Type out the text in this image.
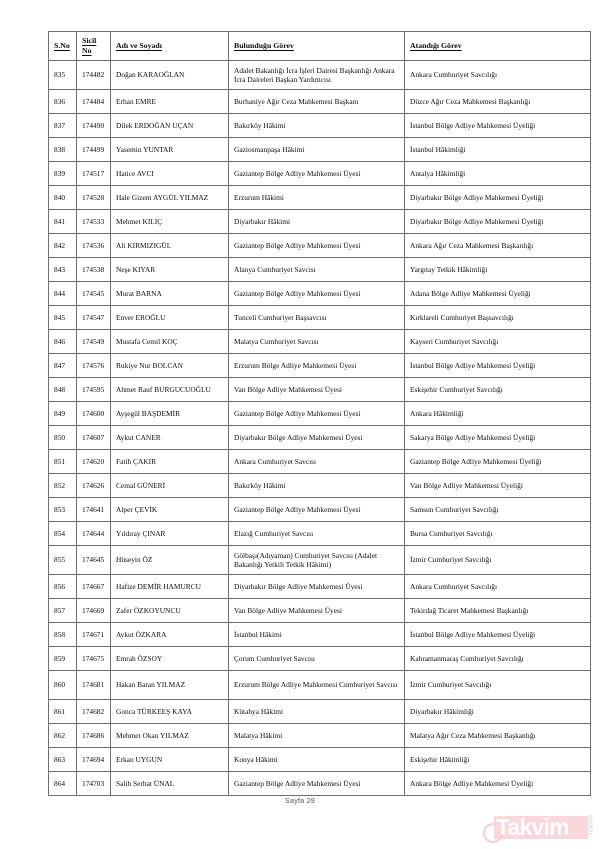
S.No	Sicil No	Adı ve Soyadı	Bulunduğu Görev	Atandığı Görev
835	174482	Doğan KARAOĞLAN	Adalet Bakanlığı İcra İşleri Dairesi Başkanlığı Ankara İcra Daireleri Başkan Yardımcısı	Ankara Cumhuriyet Savcılığı
836	174484	Erhan EMRE	Burhaniye Ağır Ceza Mahkemesi Başkanı	Düzce Ağır Ceza Mahkemesi Başkanlığı
837	174490	Dilek ERDOĞAN UÇAN	Bakırköy Hâkimi	İstanbul Bölge Adliye Mahkemesi Üyeliği
838	174499	Yasemin YUNTAR	Gaziosmanpaşa Hâkimi	İstanbul Hâkimliği
839	174517	Hatice AVCI	Gaziantep Bölge Adliye Mahkemesi Üyesi	Antalya Hâkimliği
840	174528	Hale Gizem AYGÜL YILMAZ	Erzurum Hâkimi	Diyarbakır Bölge Adliye Mahkemesi Üyeliği
841	174533	Mehmet KILIÇ	Diyarbakır Hâkimi	Diyarbakır Bölge Adliye Mahkemesi Üyeliği
842	174536	Ali KIRMIZIGÜL	Gaziantep Bölge Adliye Mahkemesi Üyesi	Ankara Ağır Ceza Mahkemesi Başkanlığı
843	174538	Neşe KIYAR	Alanya Cumhuriyet Savcısı	Yargıtay Tetkik Hâkimliği
844	174545	Murat BARNA	Gaziantep Bölge Adliye Mahkemesi Üyesi	Adana Bölge Adliye Mahkemesi Üyeliği
845	174547	Enver EROĞLU	Tunceli Cumhuriyet Başsavcısı	Kırklareli Cumhuriyet Başsavcılığı
846	174549	Mustafa Cemil KOÇ	Malatya Cumhuriyet Savcısı	Kayseri Cumhuriyet Savcılığı
847	174576	Rukiye Nur BOLCAN	Erzurum Bölge Adliye Mahkemesi Üyesi	İstanbul Bölge Adliye Mahkemesi Üyeliği
848	174595	Ahmet Rauf BURGUCUOĞLU	Van Bölge Adliye Mahkemesi Üyesi	Eskişehir Cumhuriyet Savcılığı
849	174600	Ayşegül BAŞDEMİR	Gaziantep Bölge Adliye Mahkemesi Üyesi	Ankara Hâkimliği
850	174607	Aykut CANER	Diyarbakır Bölge Adliye Mahkemesi Üyesi	Sakarya Bölge Adliye Mahkemesi Üyeliği
851	174620	Fatih ÇAKIR	Ankara Cumhuriyet Savcısı	Gaziantep Bölge Adliye Mahkemesi Üyeliği
852	174626	Cemal GÜNERİ	Bakırköy Hâkimi	Van Bölge Adliye Mahkemesi Üyeliği
853	174641	Alper ÇEVİK	Gaziantep Bölge Adliye Mahkemesi Üyesi	Samsun Cumhuriyet Savcılığı
854	174644	Yıldıray ÇINAR	Elazığ Cumhuriyet Savcısı	Bursa Cumhuriyet Savcılığı
855	174645	Hüseyin ÖZ	Gölbaşı(Adıyaman) Cumhuriyet Savcısı (Adalet Bakanlığı Yetkili Tetkik Hâkimi)	İzmir Cumhuriyet Savcılığı
856	174667	Hafize DEMİR HAMURCU	Diyarbakır Bölge Adliye Mahkemesi Üyesi	Ankara Cumhuriyet Savcılığı
857	174669	Zafer ÖZKOYUNCU	Van Bölge Adliye Mahkemesi Üyesi	Tekirdağ Ticaret Mahkemesi Başkanlığı
858	174671	Aykut ÖZKARA	İstanbul Hâkimi	İstanbul Bölge Adliye Mahkemesi Üyeliği
859	174675	Emrah ÖZSOY	Çorum Cumhuriyet Savcısı	Kahramanmaraş Cumhuriyet Savcılığı
860	174681	Hakan Baran YILMAZ	Erzurum Bölge Adliye Mahkemesi Cumhuriyet Savcısı	İzmir Cumhuriyet Savcılığı
861	174682	Gonca TÜRKEEŞ KAYA	Kütahya Hâkimi	Diyarbakır Hâkimliği
862	174686	Mehmet Okan YILMAZ	Malatya Hâkimi	Malatya Ağır Ceza Mahkemesi Başkanlığı
863	174694	Erkan UYGUN	Konya Hâkimi	Eskişehir Hâkimliği
864	174703	Salih Serhat ÜNAL	Gaziantep Bölge Adliye Mahkemesi Üyesi	Ankara Bölge Adliye Mahkemesi Üyeliği
Sayfa 29
Takvim	com.tr
